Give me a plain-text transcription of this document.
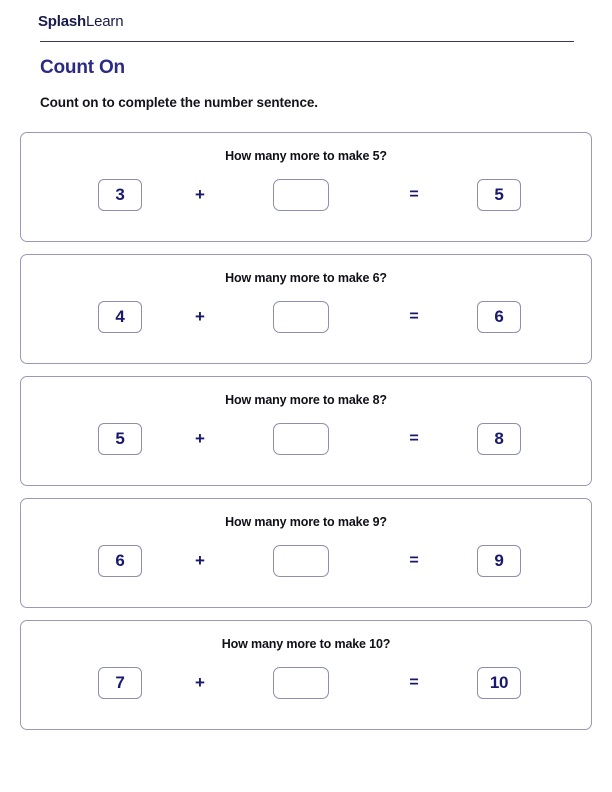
SplashLearn
Count On
Count on to complete the number sentence.
How many more to make 5?
3	+	=	5
How many more to make 6?
4	+	=	6
How many more to make 8?
5	+	=	8
How many more to make 9?
6	+	=	9
How many more to make 10?
7	+	=	10
